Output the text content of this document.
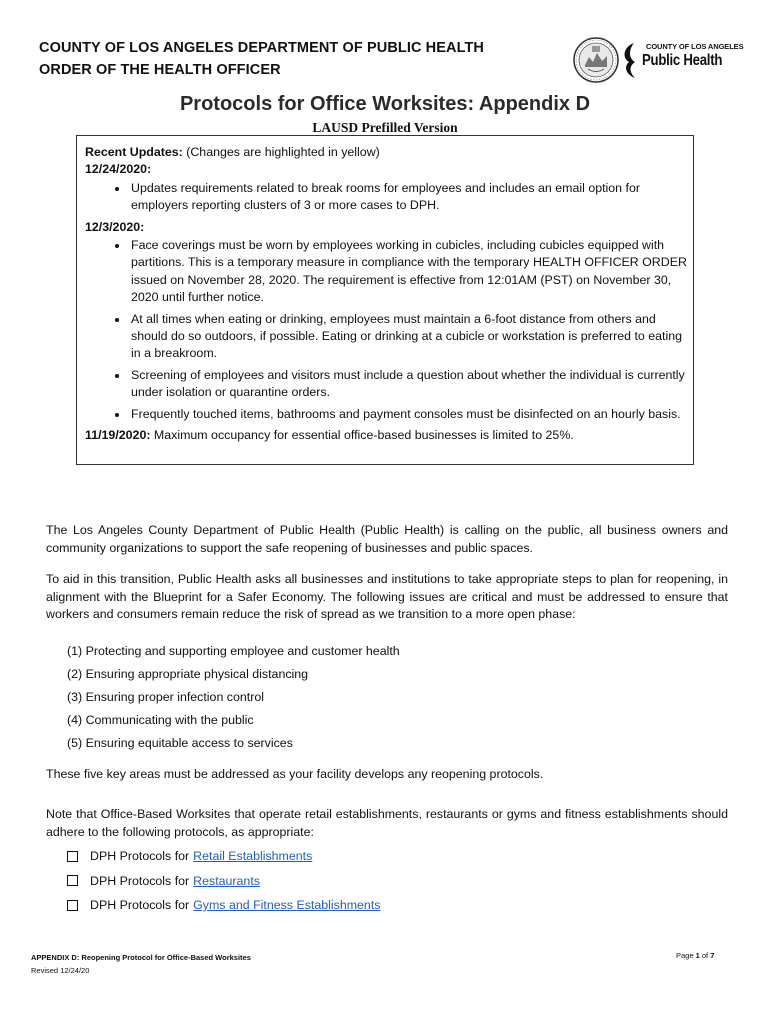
COUNTY OF LOS ANGELES DEPARTMENT OF PUBLIC HEALTH
ORDER OF THE HEALTH OFFICER
COUNTY OF LOS ANGELES
Public Health
Protocols for Office Worksites: Appendix D
LAUSD Prefilled Version

Recent Updates: (Changes are highlighted in yellow)

12/24/2020:

• Updates requirements related to break rooms for employees and includes an email option for employers reporting clusters of 3 or more cases to DPH.

12/3/2020:

• Face coverings must be worn by employees working in cubicles, including cubicles equipped with partitions. This is a temporary measure in compliance with the temporary HEALTH OFFICER ORDER issued on November 28, 2020. The requirement is effective from 12:01AM (PST) on November 30, 2020 until further notice.
• At all times when eating or drinking, employees must maintain a 6-foot distance from others and should do so outdoors, if possible. Eating or drinking at a cubicle or workstation is preferred to eating in a breakroom.
• Screening of employees and visitors must include a question about whether the individual is currently under isolation or quarantine orders.
• Frequently touched items, bathrooms and payment consoles must be disinfected on an hourly basis.

11/19/2020: Maximum occupancy for essential office-based businesses is limited to 25%.

The Los Angeles County Department of Public Health (Public Health) is calling on the public, all business owners and community organizations to support the safe reopening of businesses and public spaces.

To aid in this transition, Public Health asks all businesses and institutions to take appropriate steps to plan for reopening, in alignment with the Blueprint for a Safer Economy. The following issues are critical and must be addressed to ensure that workers and consumers remain reduce the risk of spread as we transition to a more open phase:

(1) Protecting and supporting employee and customer health
(2) Ensuring appropriate physical distancing
(3) Ensuring proper infection control
(4) Communicating with the public
(5) Ensuring equitable access to services

These five key areas must be addressed as your facility develops any reopening protocols.

Note that Office-Based Worksites that operate retail establishments, restaurants or gyms and fitness establishments should adhere to the following protocols, as appropriate:

DPH Protocols for Retail Establishments
DPH Protocols for Restaurants
DPH Protocols for Gyms and Fitness Establishments
APPENDIX D: Reopening Protocol for Office-Based Worksites
Revised 12/24/20
Page 1 of 7
